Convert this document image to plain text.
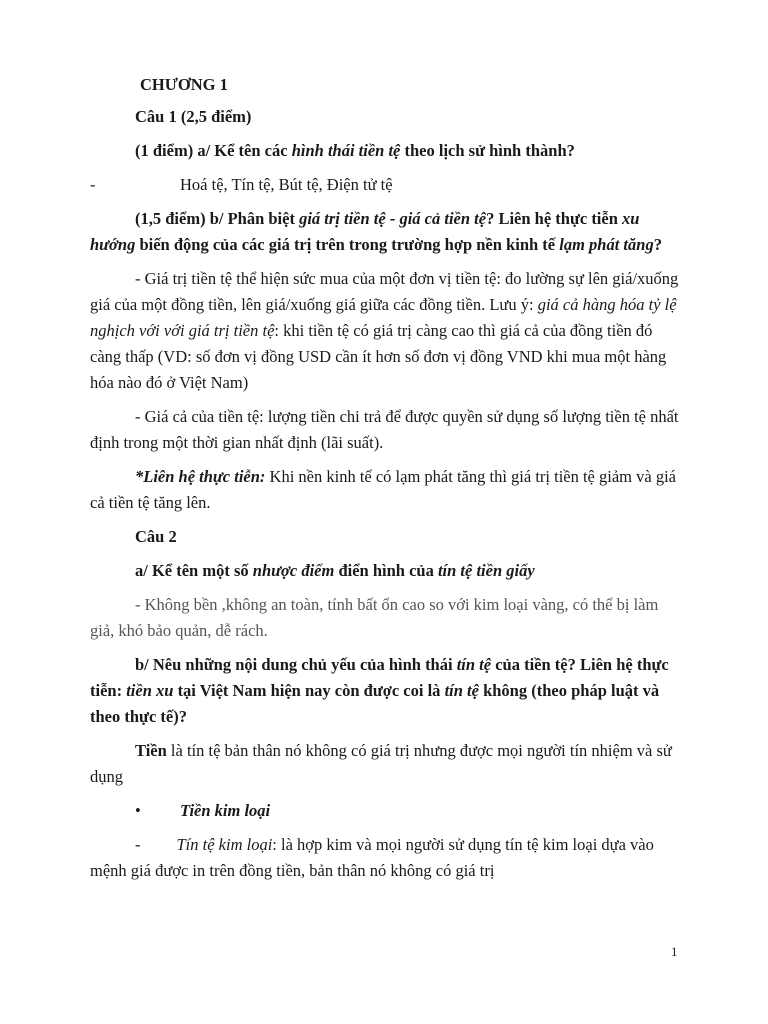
CHƯƠNG 1

Câu 1 (2,5 điểm)

(1 điểm) a/ Kể tên các hình thái tiền tệ theo lịch sử hình thành?

-	Hoá tệ, Tín tệ, Bút tệ, Điện tử tệ

(1,5 điểm) b/ Phân biệt giá trị tiền tệ - giá cả tiền tệ? Liên hệ thực tiễn xu hướng biến động của các giá trị trên trong trường hợp nền kinh tế lạm phát tăng?

- Giá trị tiền tệ thể hiện sức mua của một đơn vị tiền tệ: đo lường sự lên giá/xuống giá của một đồng tiền, lên giá/xuống giá giữa các đồng tiền. Lưu ý: giá cả hàng hóa tỷ lệ nghịch với với giá trị tiền tệ: khi tiền tệ có giá trị càng cao thì giá cả của đồng tiền đó càng thấp (VD: số đơn vị đồng USD cần ít hơn số đơn vị đồng VND khi mua một hàng hóa nào đó ở Việt Nam)

- Giá cả của tiền tệ: lượng tiền chi trả để được quyền sử dụng số lượng tiền tệ nhất định trong một thời gian nhất định (lãi suất).

*Liên hệ thực tiễn: Khi nền kinh tế có lạm phát tăng thì giá trị tiền tệ giảm và giá cả tiền tệ tăng lên.

Câu 2

a/ Kể tên một số nhược điểm điển hình của tín tệ tiền giấy

- Không bền ,không an toàn, tính bất ổn cao so với kim loại vàng, có thể bị làm giả, khó bảo quản, dễ rách.

b/ Nêu những nội dung chủ yếu của hình thái tín tệ của tiền tệ? Liên hệ thực tiễn: tiền xu tại Việt Nam hiện nay còn được coi là tín tệ không (theo pháp luật và theo thực tế)?

Tiền là tín tệ bản thân nó không có giá trị nhưng được mọi người tín nhiệm và sử dụng

•	Tiền kim loại

- Tín tệ kim loại: là hợp kim và mọi người sử dụng tín tệ kim loại dựa vào mệnh giá được in trên đồng tiền, bản thân nó không có giá trị

1
